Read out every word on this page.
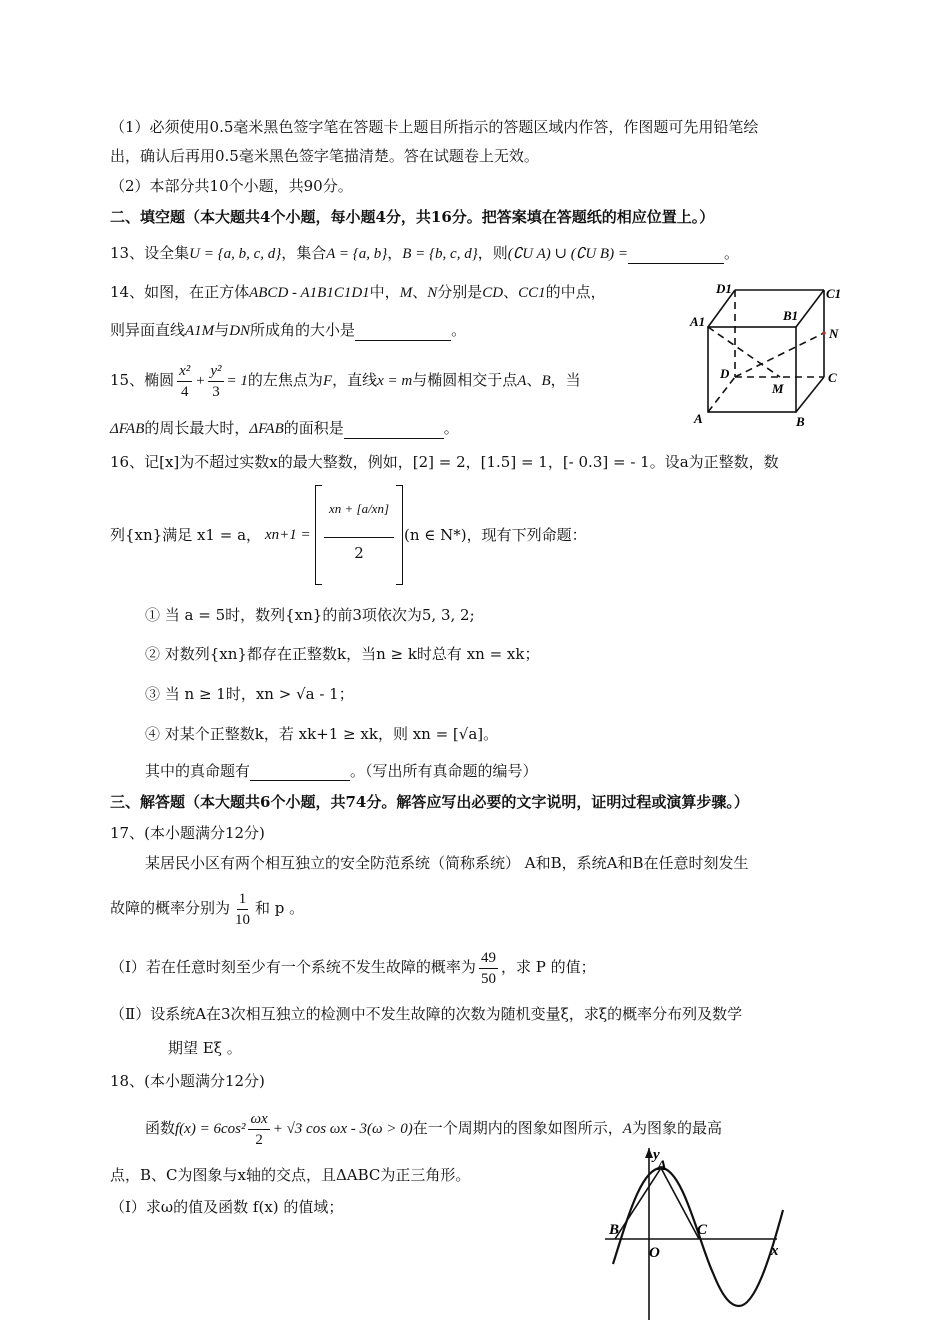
（1）必须使用0.5毫米黑色签字笔在答题卡上题目所指示的答题区域内作答，作图题可先用铅笔绘
出，确认后再用0.5毫米黑色签字笔描清楚。答在试题卷上无效。
（2）本部分共10个小题，共90分。
二、填空题（本大题共4个小题，每小题4分，共16分。把答案填在答题纸的相应位置上。）
13、设全集U = {a, b, c, d}，集合A = {a, b}，B = {b, c, d}，则(∁U A) ∪ (∁U B) =	。
14、如图，在正方体ABCD - A1B1C1D1中，M、N分别是CD、CC1的中点，
则异面直线A1M与DN所成角的大小是	。
D1	C1
A1	B1
N
D
M
C
A	B
15、椭圆 $\frac{\text{x²}}{4} + \frac{\text{y²}}{3} = 1$的左焦点为F，直线x = m与椭圆相交于点A、B，当
ΔFAB的周长最大时，ΔFAB的面积是	。
16、记[x]为不超过实数x的最大整数，例如，[2] = 2，[1.5] = 1，[- 0.3] = - 1。设a为正整数，数
列{xn}满足 x1 = a， xn+1 =
xn + [a/xn]
2
(n ∈ N*)，现有下列命题：
① 当 a = 5时，数列{xn}的前3项依次为5, 3, 2;
② 对数列{xn}都存在正整数k，当n ≥ k时总有 xn = xk；
③ 当 n ≥ 1时，xn > √a - 1；
④ 对某个正整数k，若 xk+1 ≥ xk，则 xn = [√a]。
其中的真命题有	。（写出所有真命题的编号）
三、解答题（本大题共6个小题，共74分。解答应写出必要的文字说明，证明过程或演算步骤。）
17、(本小题满分12分)
某居民小区有两个相互独立的安全防范系统（简称系统） A和B，系统A和B在任意时刻发生
故障的概率分别为 $\frac{1}{10}$ 和 p 。
（Ⅰ）若在任意时刻至少有一个系统不发生故障的概率为 $\frac{49}{50}$ ，求 P 的值；
（Ⅱ）设系统A在3次相互独立的检测中不发生故障的次数为随机变量ξ，求ξ的概率分布列及数学
期望 Eξ 。
18、(本小题满分12分)
函数$f(x) = 6\cos^2 \frac{\omega x}{2} + √3$ cos ωx - 3(ω > 0)在一个周期内的图象如图所示，A为图象的最高
点，B、C为图象与x轴的交点，且ΔABC为正三角形。
（Ⅰ）求ω的值及函数 f(x) 的值域；
y
A
B	C
O	x
